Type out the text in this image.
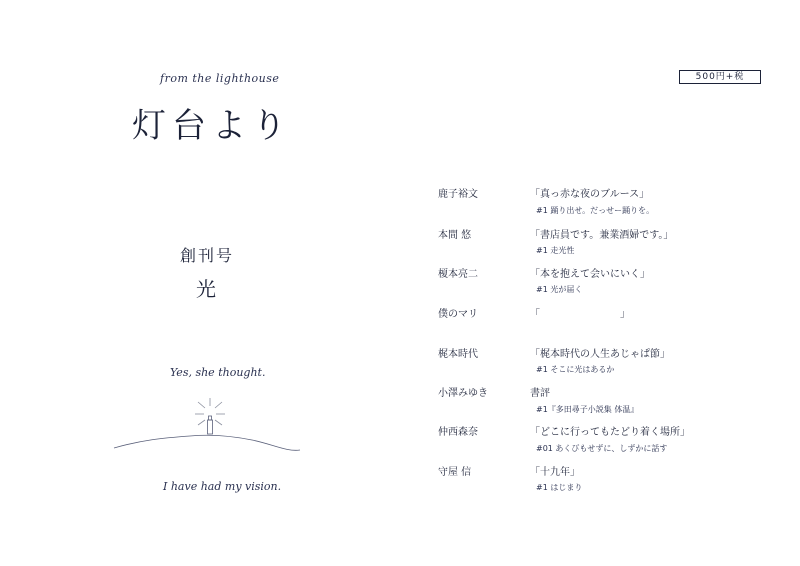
from the lighthouse
灯台より
創刊号
光
Yes, she thought.
I have had my vision.
500円+税
鹿子裕文	「真っ赤な夜のブルース」
#1 踊り出せ。だっせー踊りを。
本間 悠	「書店員です。兼業酒婦です。」
#1 走光性
榎本亮二	「本を抱えて会いにいく」
#1 光が届く
僕のマリ	「　　　　　　　　」
梶本時代	「梶本時代の人生あじゃぱ節」
#1 そこに光はあるか
小澤みゆき	書評
#1『多田尋子小説集 体温』
仲西森奈	「どこに行ってもたどり着く場所」
#01 あくびもせずに、しずかに話す
守屋 信	「十九年」
#1 はじまり
